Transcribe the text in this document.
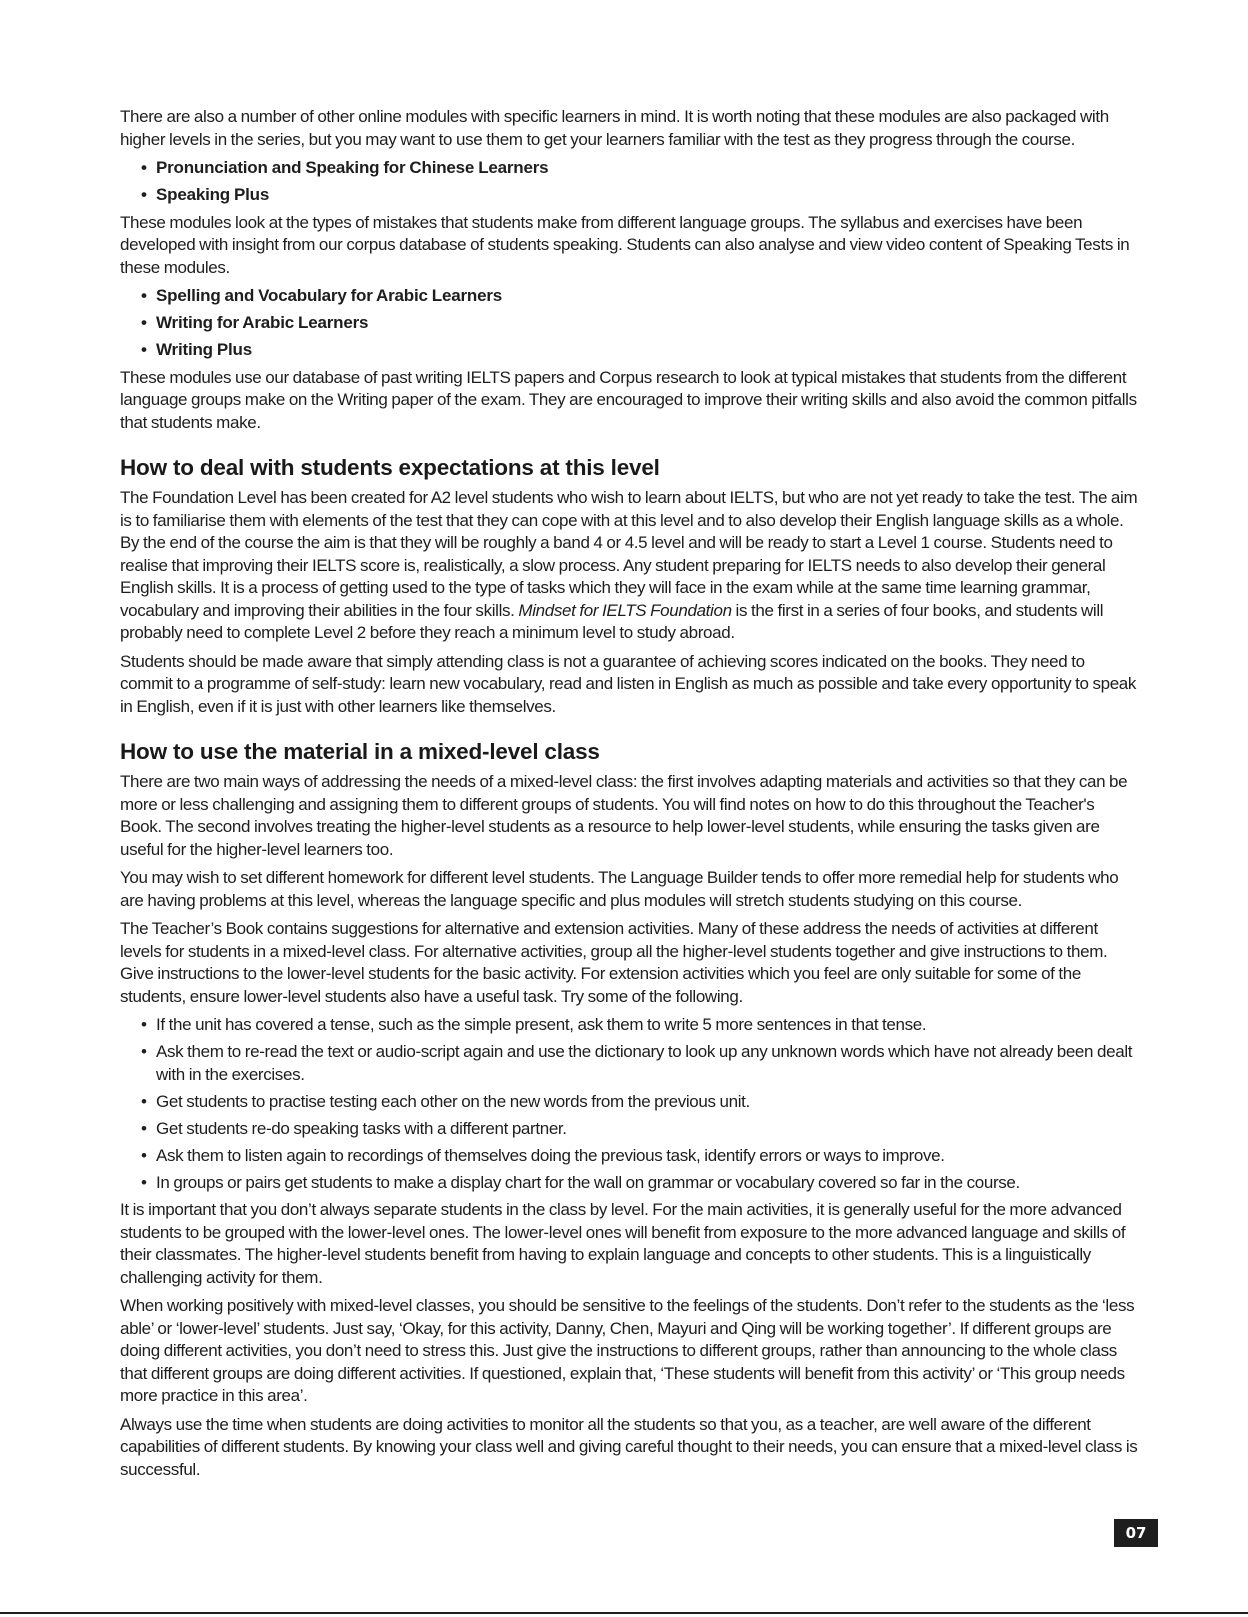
There are also a number of other online modules with specific learners in mind. It is worth noting that these modules are also packaged with higher levels in the series, but you may want to use them to get your learners familiar with the test as they progress through the course.

• Pronunciation and Speaking for Chinese Learners
• Speaking Plus

These modules look at the types of mistakes that students make from different language groups. The syllabus and exercises have been developed with insight from our corpus database of students speaking. Students can also analyse and view video content of Speaking Tests in these modules.

• Spelling and Vocabulary for Arabic Learners
• Writing for Arabic Learners
• Writing Plus

These modules use our database of past writing IELTS papers and Corpus research to look at typical mistakes that students from the different language groups make on the Writing paper of the exam. They are encouraged to improve their writing skills and also avoid the common pitfalls that students make.

How to deal with students expectations at this level

The Foundation Level has been created for A2 level students who wish to learn about IELTS, but who are not yet ready to take the test. The aim is to familiarise them with elements of the test that they can cope with at this level and to also develop their English language skills as a whole. By the end of the course the aim is that they will be roughly a band 4 or 4.5 level and will be ready to start a Level 1 course. Students need to realise that improving their IELTS score is, realistically, a slow process. Any student preparing for IELTS needs to also develop their general English skills. It is a process of getting used to the type of tasks which they will face in the exam while at the same time learning grammar, vocabulary and improving their abilities in the four skills. Mindset for IELTS Foundation is the first in a series of four books, and students will probably need to complete Level 2 before they reach a minimum level to study abroad.

Students should be made aware that simply attending class is not a guarantee of achieving scores indicated on the books. They need to commit to a programme of self-study: learn new vocabulary, read and listen in English as much as possible and take every opportunity to speak in English, even if it is just with other learners like themselves.

How to use the material in a mixed-level class

There are two main ways of addressing the needs of a mixed-level class: the first involves adapting materials and activities so that they can be more or less challenging and assigning them to different groups of students. You will find notes on how to do this throughout the Teacher's Book. The second involves treating the higher-level students as a resource to help lower-level students, while ensuring the tasks given are useful for the higher-level learners too.

You may wish to set different homework for different level students. The Language Builder tends to offer more remedial help for students who are having problems at this level, whereas the language specific and plus modules will stretch students studying on this course.

The Teacher’s Book contains suggestions for alternative and extension activities. Many of these address the needs of activities at different levels for students in a mixed-level class. For alternative activities, group all the higher-level students together and give instructions to them. Give instructions to the lower-level students for the basic activity. For extension activities which you feel are only suitable for some of the students, ensure lower-level students also have a useful task. Try some of the following.

• If the unit has covered a tense, such as the simple present, ask them to write 5 more sentences in that tense.
• Ask them to re-read the text or audio-script again and use the dictionary to look up any unknown words which have not already been dealt with in the exercises.
• Get students to practise testing each other on the new words from the previous unit.
• Get students re-do speaking tasks with a different partner.
• Ask them to listen again to recordings of themselves doing the previous task, identify errors or ways to improve.
• In groups or pairs get students to make a display chart for the wall on grammar or vocabulary covered so far in the course.

It is important that you don’t always separate students in the class by level. For the main activities, it is generally useful for the more advanced students to be grouped with the lower-level ones. The lower-level ones will benefit from exposure to the more advanced language and skills of their classmates. The higher-level students benefit from having to explain language and concepts to other students. This is a linguistically challenging activity for them.

When working positively with mixed-level classes, you should be sensitive to the feelings of the students. Don’t refer to the students as the ‘less able’ or ‘lower-level’ students. Just say, ‘Okay, for this activity, Danny, Chen, Mayuri and Qing will be working together’. If different groups are doing different activities, you don’t need to stress this. Just give the instructions to different groups, rather than announcing to the whole class that different groups are doing different activities. If questioned, explain that, ‘These students will benefit from this activity’ or ‘This group needs more practice in this area’.

Always use the time when students are doing activities to monitor all the students so that you, as a teacher, are well aware of the different capabilities of different students. By knowing your class well and giving careful thought to their needs, you can ensure that a mixed-level class is successful.

07
